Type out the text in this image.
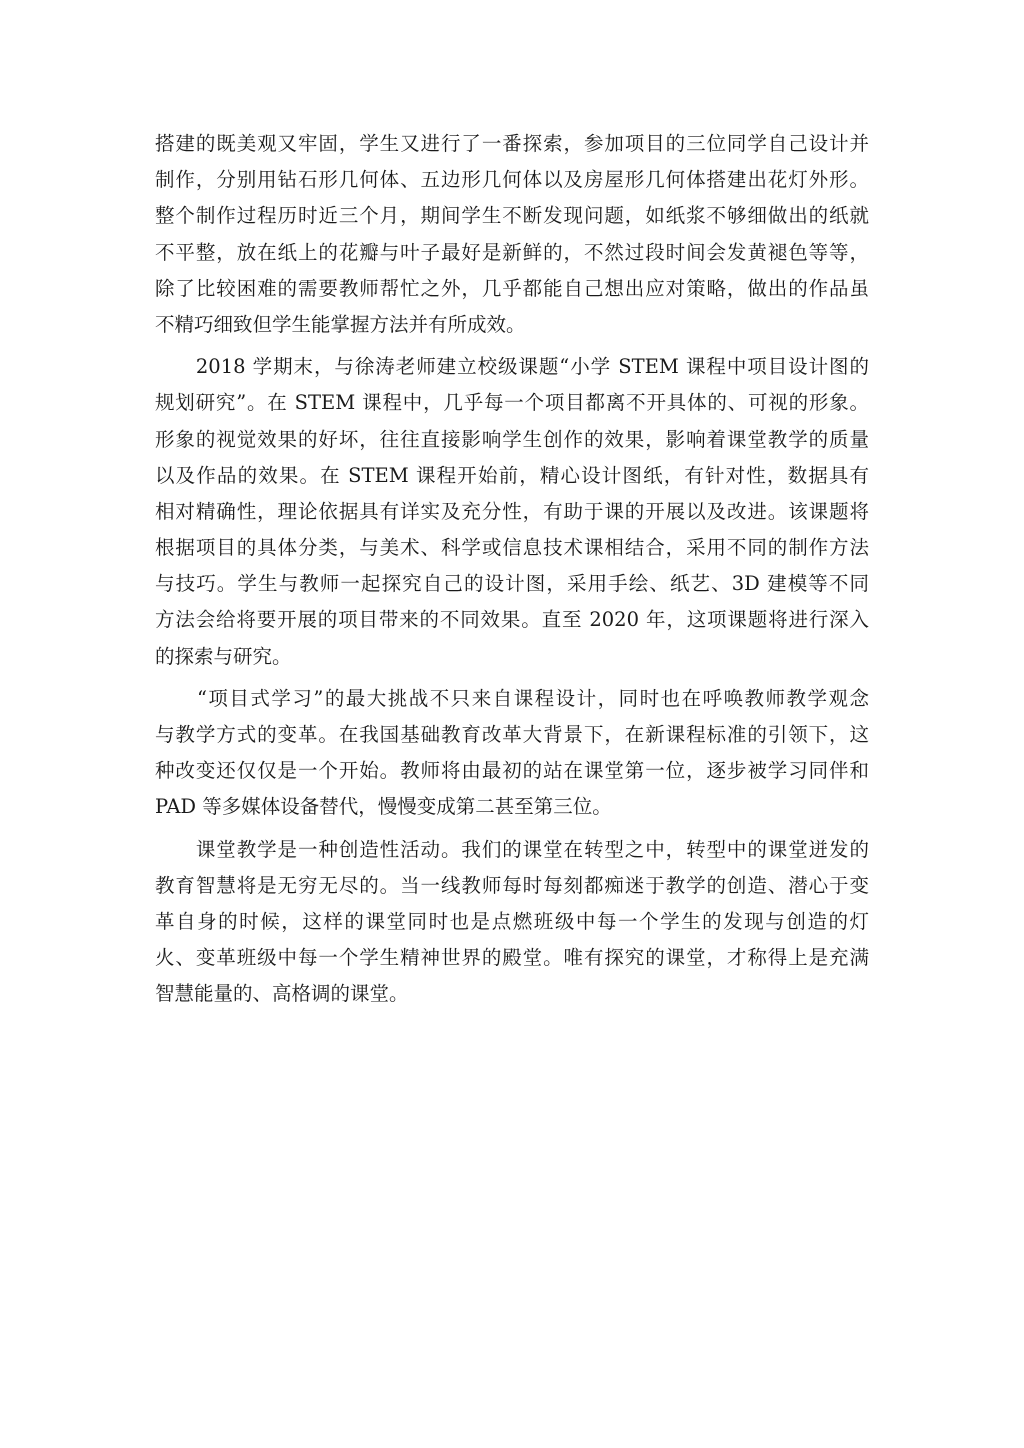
搭建的既美观又牢固，学生又进行了一番探索，参加项目的三位同学自己设计并
制作，分别用钻石形几何体、五边形几何体以及房屋形几何体搭建出花灯外形。
整个制作过程历时近三个月，期间学生不断发现问题，如纸浆不够细做出的纸就
不平整，放在纸上的花瓣与叶子最好是新鲜的，不然过段时间会发黄褪色等等，
除了比较困难的需要教师帮忙之外，几乎都能自己想出应对策略，做出的作品虽
不精巧细致但学生能掌握方法并有所成效。
　　2018 学期末，与徐涛老师建立校级课题“小学 STEM 课程中项目设计图的
规划研究”。在 STEM 课程中，几乎每一个项目都离不开具体的、可视的形象。
形象的视觉效果的好坏，往往直接影响学生创作的效果，影响着课堂教学的质量
以及作品的效果。在 STEM 课程开始前，精心设计图纸，有针对性，数据具有
相对精确性，理论依据具有详实及充分性，有助于课的开展以及改进。该课题将
根据项目的具体分类，与美术、科学或信息技术课相结合，采用不同的制作方法
与技巧。学生与教师一起探究自己的设计图，采用手绘、纸艺、3D 建模等不同
方法会给将要开展的项目带来的不同效果。直至 2020 年，这项课题将进行深入
的探索与研究。
　　“项目式学习”的最大挑战不只来自课程设计，同时也在呼唤教师教学观念
与教学方式的变革。在我国基础教育改革大背景下，在新课程标准的引领下，这
种改变还仅仅是一个开始。教师将由最初的站在课堂第一位，逐步被学习同伴和
PAD 等多媒体设备替代，慢慢变成第二甚至第三位。
　　课堂教学是一种创造性活动。我们的课堂在转型之中，转型中的课堂迸发的
教育智慧将是无穷无尽的。当一线教师每时每刻都痴迷于教学的创造、潜心于变
革自身的时候，这样的课堂同时也是点燃班级中每一个学生的发现与创造的灯
火、变革班级中每一个学生精神世界的殿堂。唯有探究的课堂，才称得上是充满
智慧能量的、高格调的课堂。
